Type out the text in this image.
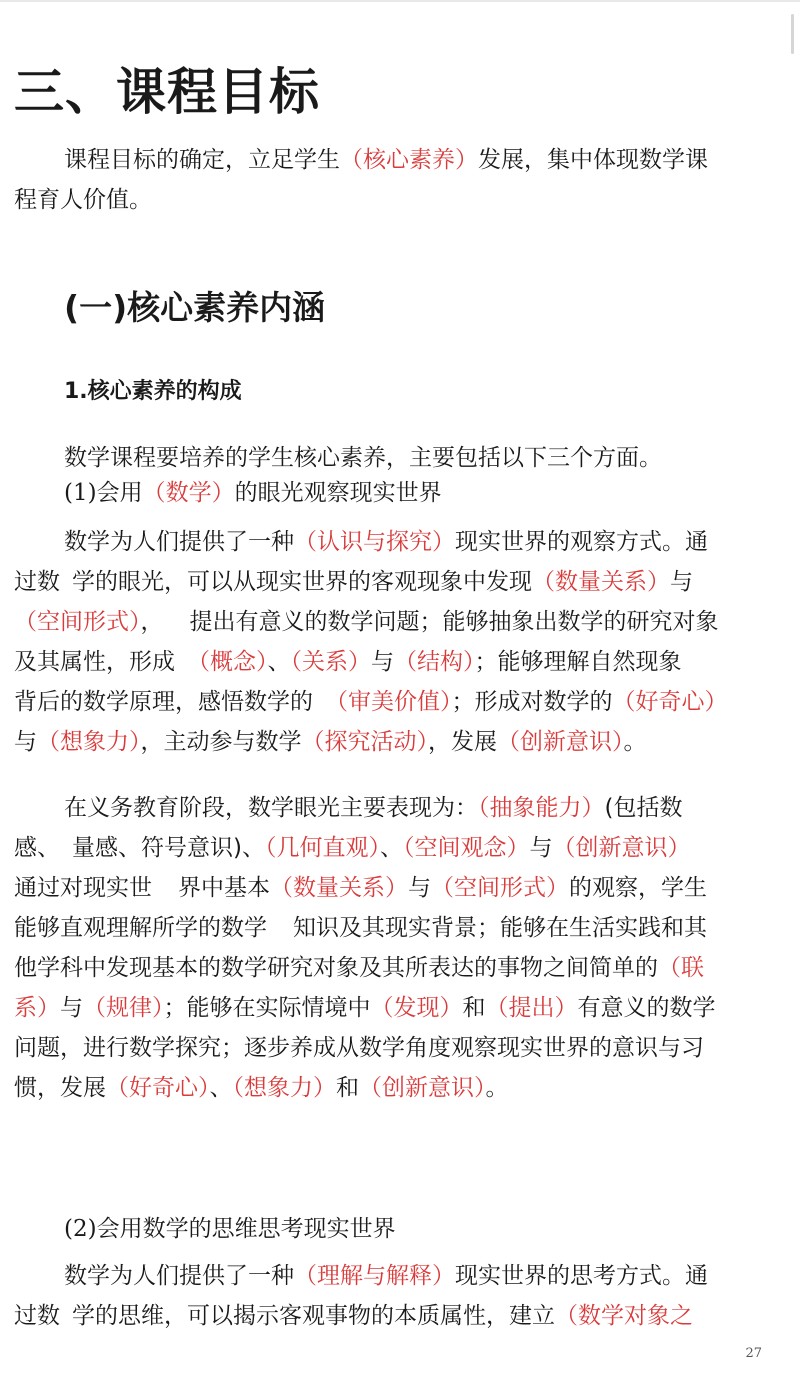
三、课程目标

课程目标的确定，立足学生（核心素养）发展，集中体现数学课
程育人价值。

(一)核心素养内涵
1.核心素养的构成

数学课程要培养的学生核心素养，主要包括以下三个方面。

(1)会用（数学）的眼光观察现实世界

数学为人们提供了一种（认识与探究）现实世界的观察方式。通
过数 学的眼光，可以从现实世界的客观现象中发现（数量关系）与
（空间形式）， 提出有意义的数学问题；能够抽象出数学的研究对象
及其属性，形成 （概念）、（关系）与（结构）；能够理解自然现象
背后的数学原理，感悟数学的 （审美价值）；形成对数学的（好奇心）
与（想象力），主动参与数学（探究活动），发展（创新意识）。

在义务教育阶段，数学眼光主要表现为：（抽象能力）(包括数
感、 量感、符号意识)、（几何直观）、（空间观念）与（创新意识）
通过对现实世 界中基本（数量关系）与（空间形式）的观察，学生
能够直观理解所学的数学 知识及其现实背景；能够在生活实践和其
他学科中发现基本的数学研究对象及其所表达的事物之间简单的（联
系）与（规律）；能够在实际情境中（发现）和（提出）有意义的数学
问题，进行数学探究；逐步养成从数学角度观察现实世界的意识与习
惯，发展（好奇心）、（想象力）和（创新意识）。

(2)会用数学的思维思考现实世界

数学为人们提供了一种（理解与解释）现实世界的思考方式。通
过数 学的思维，可以揭示客观事物的本质属性，建立（数学对象之

27
